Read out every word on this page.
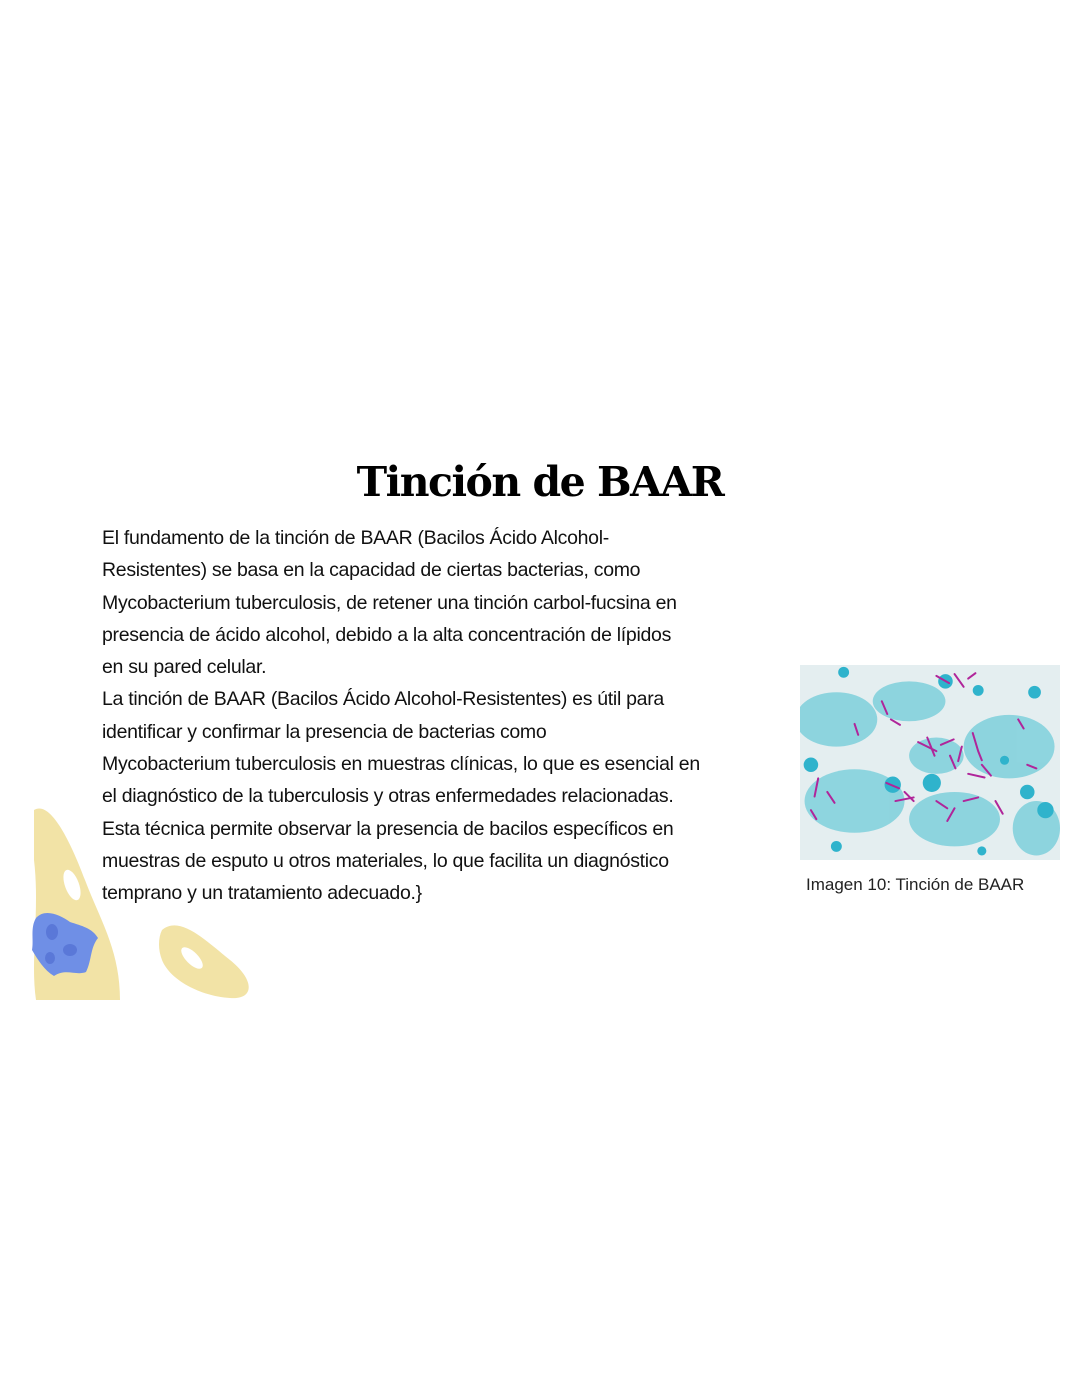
Tinción de BAAR
El fundamento de la tinción de BAAR (Bacilos Ácido Alcohol-
Resistentes) se basa en la capacidad de ciertas bacterias, como
Mycobacterium tuberculosis, de retener una tinción carbol-fucsina en
presencia de ácido alcohol, debido a la alta concentración de lípidos
en su pared celular.
La tinción de BAAR (Bacilos Ácido Alcohol-Resistentes) es útil para
identificar y confirmar la presencia de bacterias como
Mycobacterium tuberculosis en muestras clínicas, lo que es esencial en
el diagnóstico de la tuberculosis y otras enfermedades relacionadas.
Esta técnica permite observar la presencia de bacilos específicos en
muestras de esputo u otros materiales, lo que facilita un diagnóstico
temprano y un tratamiento adecuado.}	Imagen 10: Tinción de BAAR
